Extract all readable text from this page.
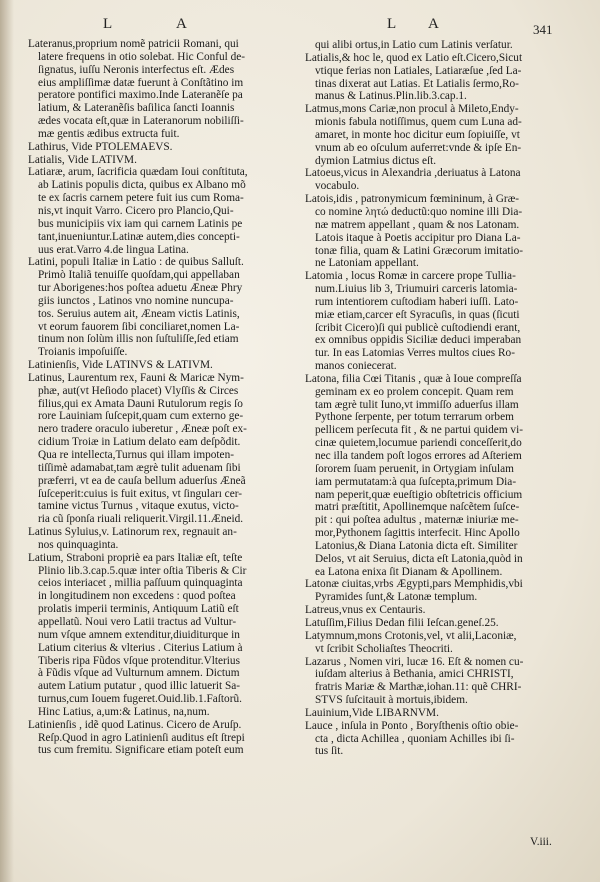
L	A	L A	341
Lateranus,proprium nomẽ patricii Romani, qui
latere frequens in otio solebat. Hic Conful de-
ſignatus, iuſſu Neronis interfectus eſt. Ædes
eius ampliſſimæ datæ fuerunt à Conſtãtino im
peratore pontifici maximo.Inde Lateranẽſe pa
latium, & Lateranẽſis baſilica ſancti Ioannis
ædes vocata eſt,quæ in Lateranorum nobiliſſi-
mæ gentis ædibus extructa fuit.
Lathirus, Vide PTOLEMAEVS.
Latialis, Vide LATIVM.
Latiaræ, arum, ſacrificia quædam Ioui conſtituta,
ab Latinis populis dicta, quibus ex Albano mõ
te ex ſacris carnem petere fuit ius cum Roma-
nis,vt inquit Varro. Cicero pro Plancio,Qui-
bus municipiis vix iam qui carnem Latinis pe
tant,inueniuntur.Latinæ autem,dies concepti-
uus erat.Varro 4.de lingua Latina.
Latini, populi Italiæ in Latio : de quibus Salluſt.
Primò Italiã tenuiſſe quoſdam,qui appellaban
tur Aborigenes:hos poſtea aduetu Æneæ Phry
giis iunctos , Latinos vno nomine nuncupa-
tos. Seruius autem ait, Æneam victis Latinis,
vt eorum fauorem ſibi conciliaret,nomen La-
tinum non ſolùm illis non ſuſtuliſſe,ſed etiam
Troianis impoſuiſſe.
Latinienſis, Vide LATINVS & LATIVM.
Latinus, Laurentum rex, Fauni & Maricæ Nym-
phæ, aut(vt Heſiodo placet) Vlyſſis & Circes
filius,qui ex Amata Dauni Rutulorum regis ſo
rore Lauiniam ſuſcepit,quam cum externo ge-
nero tradere oraculo iuberetur , Æneæ poſt ex-
cidium Troiæ in Latium delato eam deſpõdit.
Qua re intellecta,Turnus qui illam impoten-
tiſſimè adamabat,tam ægrè tulit aduenam ſibi
præferri, vt ea de cauſa bellum aduerſus Æneã
ſuſceperit:cuius is fuit exitus, vt ſinguları cer-
tamine victus Turnus , vitaque exutus, victo-
ria cũ ſponſa riuali reliquerit.Virgil.11.Æneid.
Latinus Syluius,v. Latinorum rex, regnauit an-
nos quinquaginta.
Latium, Straboni propriè ea pars Italiæ eſt, teſte
Plinio lib.3.cap.5.quæ inter oſtia Tiberis & Cir
ceios interiacet , millia paſſuum quinquaginta
in longitudinem non excedens : quod poſtea
prolatis imperii terminis, Antiquum Latiũ eſt
appellatũ. Noui vero Latii tractus ad Vultur-
num vſque amnem extenditur,diuiditurque in
Latium citerius & vlterius . Citerius Latium à
Tiberis ripa Fũdos vſque protenditur.Vlterius
à Fũdis vſque ad Vulturnum amnem. Dictum
autem Latium putatur , quod illic latuerit Sa-
turnus,cum Iouem fugeret.Ouid.lib.1.Faſtorũ.
Hinc Latius, a,um:& Latinus, na,num.
Latinienſis , idẽ quod Latinus. Cicero de Aruſp.
Reſp.Quod in agro Latinienſi auditus eſt ſtrepi
tus cum fremitu. Significare etiam poteſt eum
qui alibi ortus,in Latio cum Latinis verſatur.
Latialis,& hoc le, quod ex Latio eſt.Cicero,Sicut
vtique ferias non Latiales, Latiaræſue ,ſed La-
tinas dixerat aut Latias. Et Latialis ſermo,Ro-
manus & Latinus.Plin.lib.3.cap.1.
Latmus,mons Cariæ,non procul à Mileto,Endy-
mionis fabula notiſſimus, quem cum Luna ad-
amaret, in monte hoc dicitur eum ſopiuiſſe, vt
vnum ab eo oſculum auferret:vnde & ipſe En-
dymion Latmius dictus eſt.
Latoeus,vicus in Alexandria ,deriuatus à Latona
vocabulo.
Latois,idis , patronymicum fœmininum, à Græ-
co nomine λητώ deductũ:quo nomine illi Dia-
næ matrem appellant , quam & nos Latonam.
Latois itaque à Poetis accipitur pro Diana La-
tonæ filia, quam & Latini Græcorum imitatio-
ne Latoniam appellant.
Latomia , locus Romæ in carcere prope Tullia-
num.Liuius lib 3, Triumuiri carceris latomia-
rum intentiorem cuſtodiam haberi iuſſi. Lato-
miæ etiam,carcer eſt Syracuſis, in quas (ſicuti
ſcribit Cicero)ſi qui publicè cuſtodiendi erant,
ex omnibus oppidis Siciliæ deduci imperaban
tur. In eas Latomias Verres multos ciues Ro-
manos coniecerat.
Latona, filia Cœi Titanis , quæ à Ioue compreſſa
geminam ex eo prolem concepit. Quam rem
tam ægrè tulit Iuno,vt immiſſo aduerſus illam
Pythone ſerpente, per totum terrarum orbem
pellicem perſecuta fit , & ne partui quidem vi-
cinæ quietem,locumue pariendi conceſſerit,do
nec illa tandem poſt logos errores ad Aſteriem
ſororem ſuam peruenit, in Ortygiam inſulam
iam permutatam:à qua ſuſcepta,primum Dia-
nam peperit,quæ eueſtigio obſtetricis officium
matri præſtitit, Apollinemque naſcẽtem ſuſce-
pit : qui poſtea adultus , maternæ iniuriæ me-
mor,Pythonem ſagittis interfecit. Hinc Apollo
Latonius,& Diana Latonia dicta eſt. Similiter
Delos, vt ait Seruius, dicta eſt Latonia,quòd in
ea Latona enixa ſit Dianam & Apollinem.
Latonæ ciuitas,vrbs Ægypti,pars Memphidis,vbi
Pyramides ſunt,& Latonæ templum.
Latreus,vnus ex Centauris.
Latuſſim,Filius Dedan filii Ieſcan.geneſ.25.
Latymnum,mons Crotonis,vel, vt alii,Laconiæ,
vt ſcribit Scholiaſtes Theocriti.
Lazarus , Nomen viri, lucæ 16. Eſt & nomen cu-
iuſdam alterius à Bethania, amici CHRISTI,
fratris Mariæ & Marthæ,iohan.11: quẽ CHRI-
STVS ſuſcitauit à mortuis,ibidem.
Lauinium,Vide LIBARNVM.
Lauce , inſula in Ponto , Boryſthenis oſtio obie-
cta , dicta Achillea , quoniam Achilles ibi ſi-
tus ſit.
V.iii.
